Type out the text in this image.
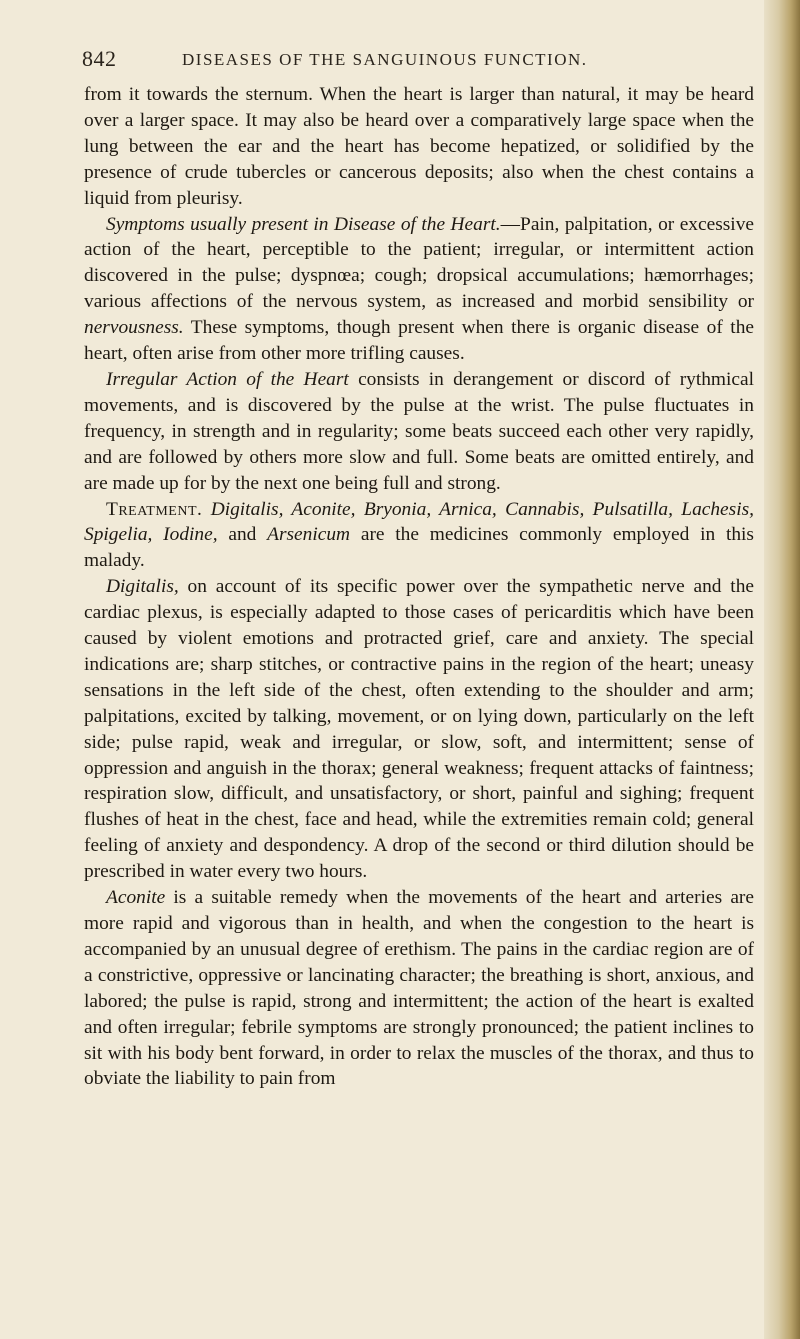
842	DISEASES OF THE SANGUINOUS FUNCTION.

from it towards the sternum. When the heart is larger than natural, it may be heard over a larger space. It may also be heard over a comparatively large space when the lung between the ear and the heart has become hepatized, or solidified by the presence of crude tubercles or cancerous deposits; also when the chest contains a liquid from pleurisy.

Symptoms usually present in Disease of the Heart.—Pain, palpitation, or excessive action of the heart, perceptible to the patient; irregular, or intermittent action discovered in the pulse; dyspnœa; cough; dropsical accumulations; hæmorrhages; various affections of the nervous system, as increased and morbid sensibility or nervousness. These symptoms, though present when there is organic disease of the heart, often arise from other more trifling causes.

Irregular Action of the Heart consists in derangement or discord of rythmical movements, and is discovered by the pulse at the wrist. The pulse fluctuates in frequency, in strength and in regularity; some beats succeed each other very rapidly, and are followed by others more slow and full. Some beats are omitted entirely, and are made up for by the next one being full and strong.

Treatment. Digitalis, Aconite, Bryonia, Arnica, Cannabis, Pulsatilla, Lachesis, Spigelia, Iodine, and Arsenicum are the medicines commonly employed in this malady.

Digitalis, on account of its specific power over the sympathetic nerve and the cardiac plexus, is especially adapted to those cases of pericarditis which have been caused by violent emotions and protracted grief, care and anxiety. The special indications are; sharp stitches, or contractive pains in the region of the heart; uneasy sensations in the left side of the chest, often extending to the shoulder and arm; palpitations, excited by talking, movement, or on lying down, particularly on the left side; pulse rapid, weak and irregular, or slow, soft, and intermittent; sense of oppression and anguish in the thorax; general weakness; frequent attacks of faintness; respiration slow, difficult, and unsatisfactory, or short, painful and sighing; frequent flushes of heat in the chest, face and head, while the extremities remain cold; general feeling of anxiety and despondency. A drop of the second or third dilution should be prescribed in water every two hours.

Aconite is a suitable remedy when the movements of the heart and arteries are more rapid and vigorous than in health, and when the congestion to the heart is accompanied by an unusual degree of erethism. The pains in the cardiac region are of a constrictive, oppressive or lancinating character; the breathing is short, anxious, and labored; the pulse is rapid, strong and intermittent; the action of the heart is exalted and often irregular; febrile symptoms are strongly pronounced; the patient inclines to sit with his body bent forward, in order to relax the muscles of the thorax, and thus to obviate the liability to pain from
